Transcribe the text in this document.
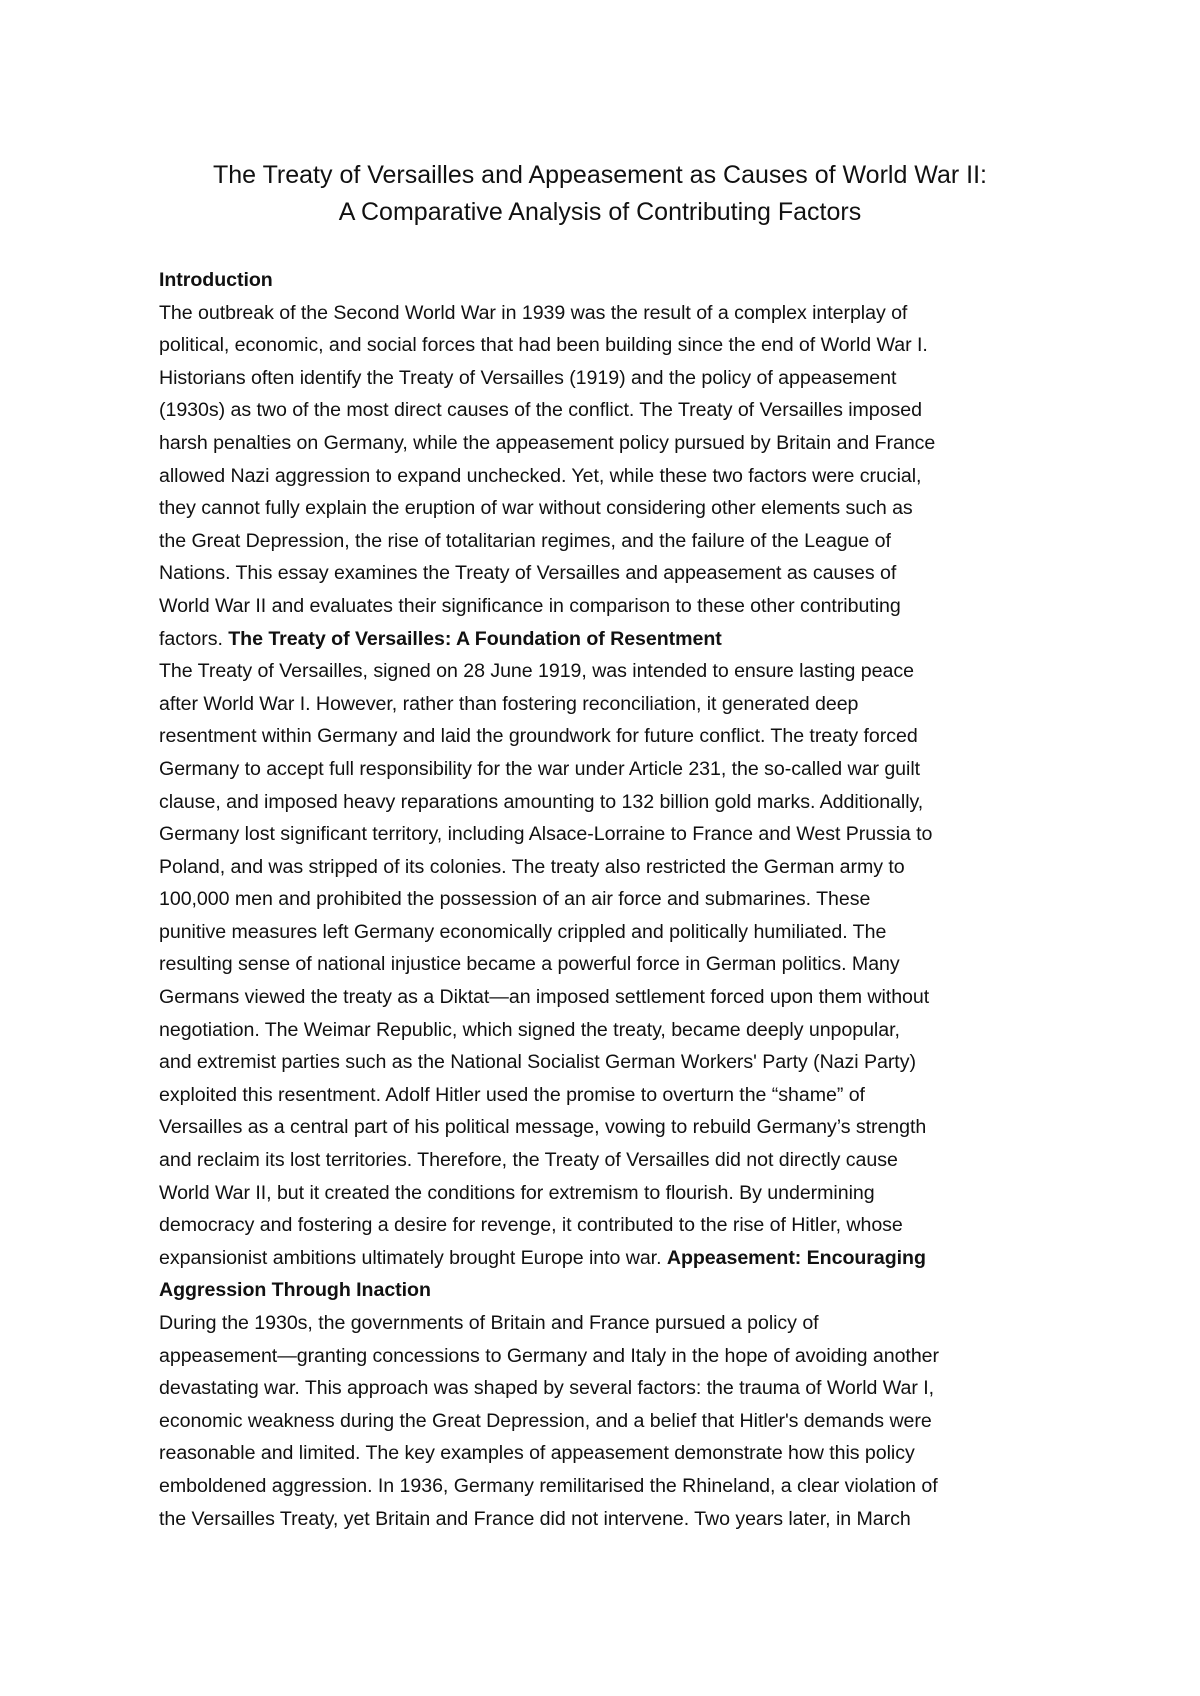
The Treaty of Versailles and Appeasement as Causes of World War II:
A Comparative Analysis of Contributing Factors
Introduction
The outbreak of the Second World War in 1939 was the result of a complex interplay of
political, economic, and social forces that had been building since the end of World War I.
Historians often identify the Treaty of Versailles (1919) and the policy of appeasement
(1930s) as two of the most direct causes of the conflict. The Treaty of Versailles imposed
harsh penalties on Germany, while the appeasement policy pursued by Britain and France
allowed Nazi aggression to expand unchecked. Yet, while these two factors were crucial,
they cannot fully explain the eruption of war without considering other elements such as
the Great Depression, the rise of totalitarian regimes, and the failure of the League of
Nations. This essay examines the Treaty of Versailles and appeasement as causes of
World War II and evaluates their significance in comparison to these other contributing
factors. The Treaty of Versailles: A Foundation of Resentment
The Treaty of Versailles, signed on 28 June 1919, was intended to ensure lasting peace
after World War I. However, rather than fostering reconciliation, it generated deep
resentment within Germany and laid the groundwork for future conflict. The treaty forced
Germany to accept full responsibility for the war under Article 231, the so-called war guilt
clause, and imposed heavy reparations amounting to 132 billion gold marks. Additionally,
Germany lost significant territory, including Alsace-Lorraine to France and West Prussia to
Poland, and was stripped of its colonies. The treaty also restricted the German army to
100,000 men and prohibited the possession of an air force and submarines. These
punitive measures left Germany economically crippled and politically humiliated. The
resulting sense of national injustice became a powerful force in German politics. Many
Germans viewed the treaty as a Diktat—an imposed settlement forced upon them without
negotiation. The Weimar Republic, which signed the treaty, became deeply unpopular,
and extremist parties such as the National Socialist German Workers' Party (Nazi Party)
exploited this resentment. Adolf Hitler used the promise to overturn the “shame” of
Versailles as a central part of his political message, vowing to rebuild Germany’s strength
and reclaim its lost territories. Therefore, the Treaty of Versailles did not directly cause
World War II, but it created the conditions for extremism to flourish. By undermining
democracy and fostering a desire for revenge, it contributed to the rise of Hitler, whose
expansionist ambitions ultimately brought Europe into war. Appeasement: Encouraging
Aggression Through Inaction
During the 1930s, the governments of Britain and France pursued a policy of
appeasement—granting concessions to Germany and Italy in the hope of avoiding another
devastating war. This approach was shaped by several factors: the trauma of World War I,
economic weakness during the Great Depression, and a belief that Hitler's demands were
reasonable and limited. The key examples of appeasement demonstrate how this policy
emboldened aggression. In 1936, Germany remilitarised the Rhineland, a clear violation of
the Versailles Treaty, yet Britain and France did not intervene. Two years later, in March
